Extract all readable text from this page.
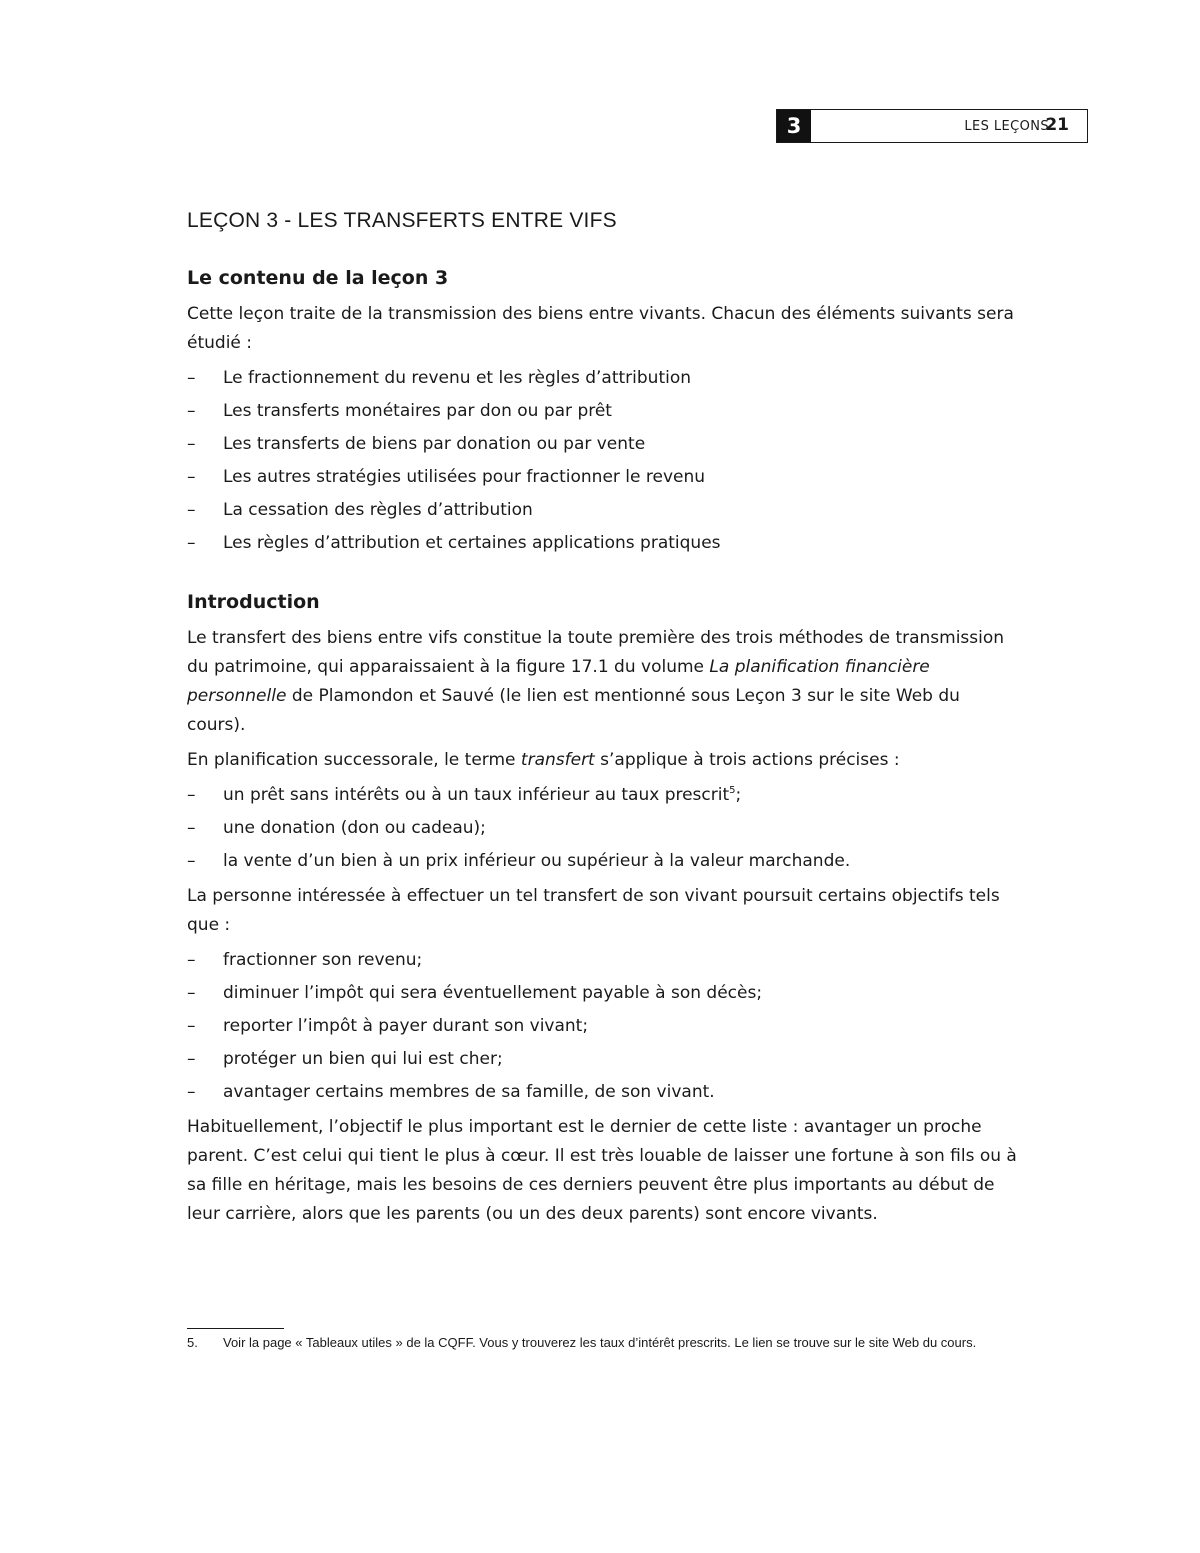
3	LES LEÇONS
21
LEÇON 3 - LES TRANSFERTS ENTRE VIFS
Le contenu de la leçon 3

Cette leçon traite de la transmission des biens entre vivants. Chacun des éléments suivants sera étudié :

– Le fractionnement du revenu et les règles d’attribution
– Les transferts monétaires par don ou par prêt
– Les transferts de biens par donation ou par vente
– Les autres stratégies utilisées pour fractionner le revenu
– La cessation des règles d’attribution
– Les règles d’attribution et certaines applications pratiques
Introduction

Le transfert des biens entre vifs constitue la toute première des trois méthodes de transmission du patrimoine, qui apparaissaient à la figure 17.1 du volume La planification financière personnelle de Plamondon et Sauvé (le lien est mentionné sous Leçon 3 sur le site Web du cours).

En planification successorale, le terme transfert s’applique à trois actions précises :

– un prêt sans intérêts ou à un taux inférieur au taux prescrit$^5$;
– une donation (don ou cadeau);
– la vente d’un bien à un prix inférieur ou supérieur à la valeur marchande.

La personne intéressée à effectuer un tel transfert de son vivant poursuit certains objectifs tels que :

– fractionner son revenu;
– diminuer l’impôt qui sera éventuellement payable à son décès;
– reporter l’impôt à payer durant son vivant;
– protéger un bien qui lui est cher;
– avantager certains membres de sa famille, de son vivant.

Habituellement, l’objectif le plus important est le dernier de cette liste : avantager un proche parent. C’est celui qui tient le plus à cœur. Il est très louable de laisser une fortune à son fils ou à sa fille en héritage, mais les besoins de ces derniers peuvent être plus importants au début de leur carrière, alors que les parents (ou un des deux parents) sont encore vivants.

5.	Voir la page « Tableaux utiles » de la CQFF. Vous y trouverez les taux d’intérêt prescrits. Le lien se trouve sur le site Web du cours.
